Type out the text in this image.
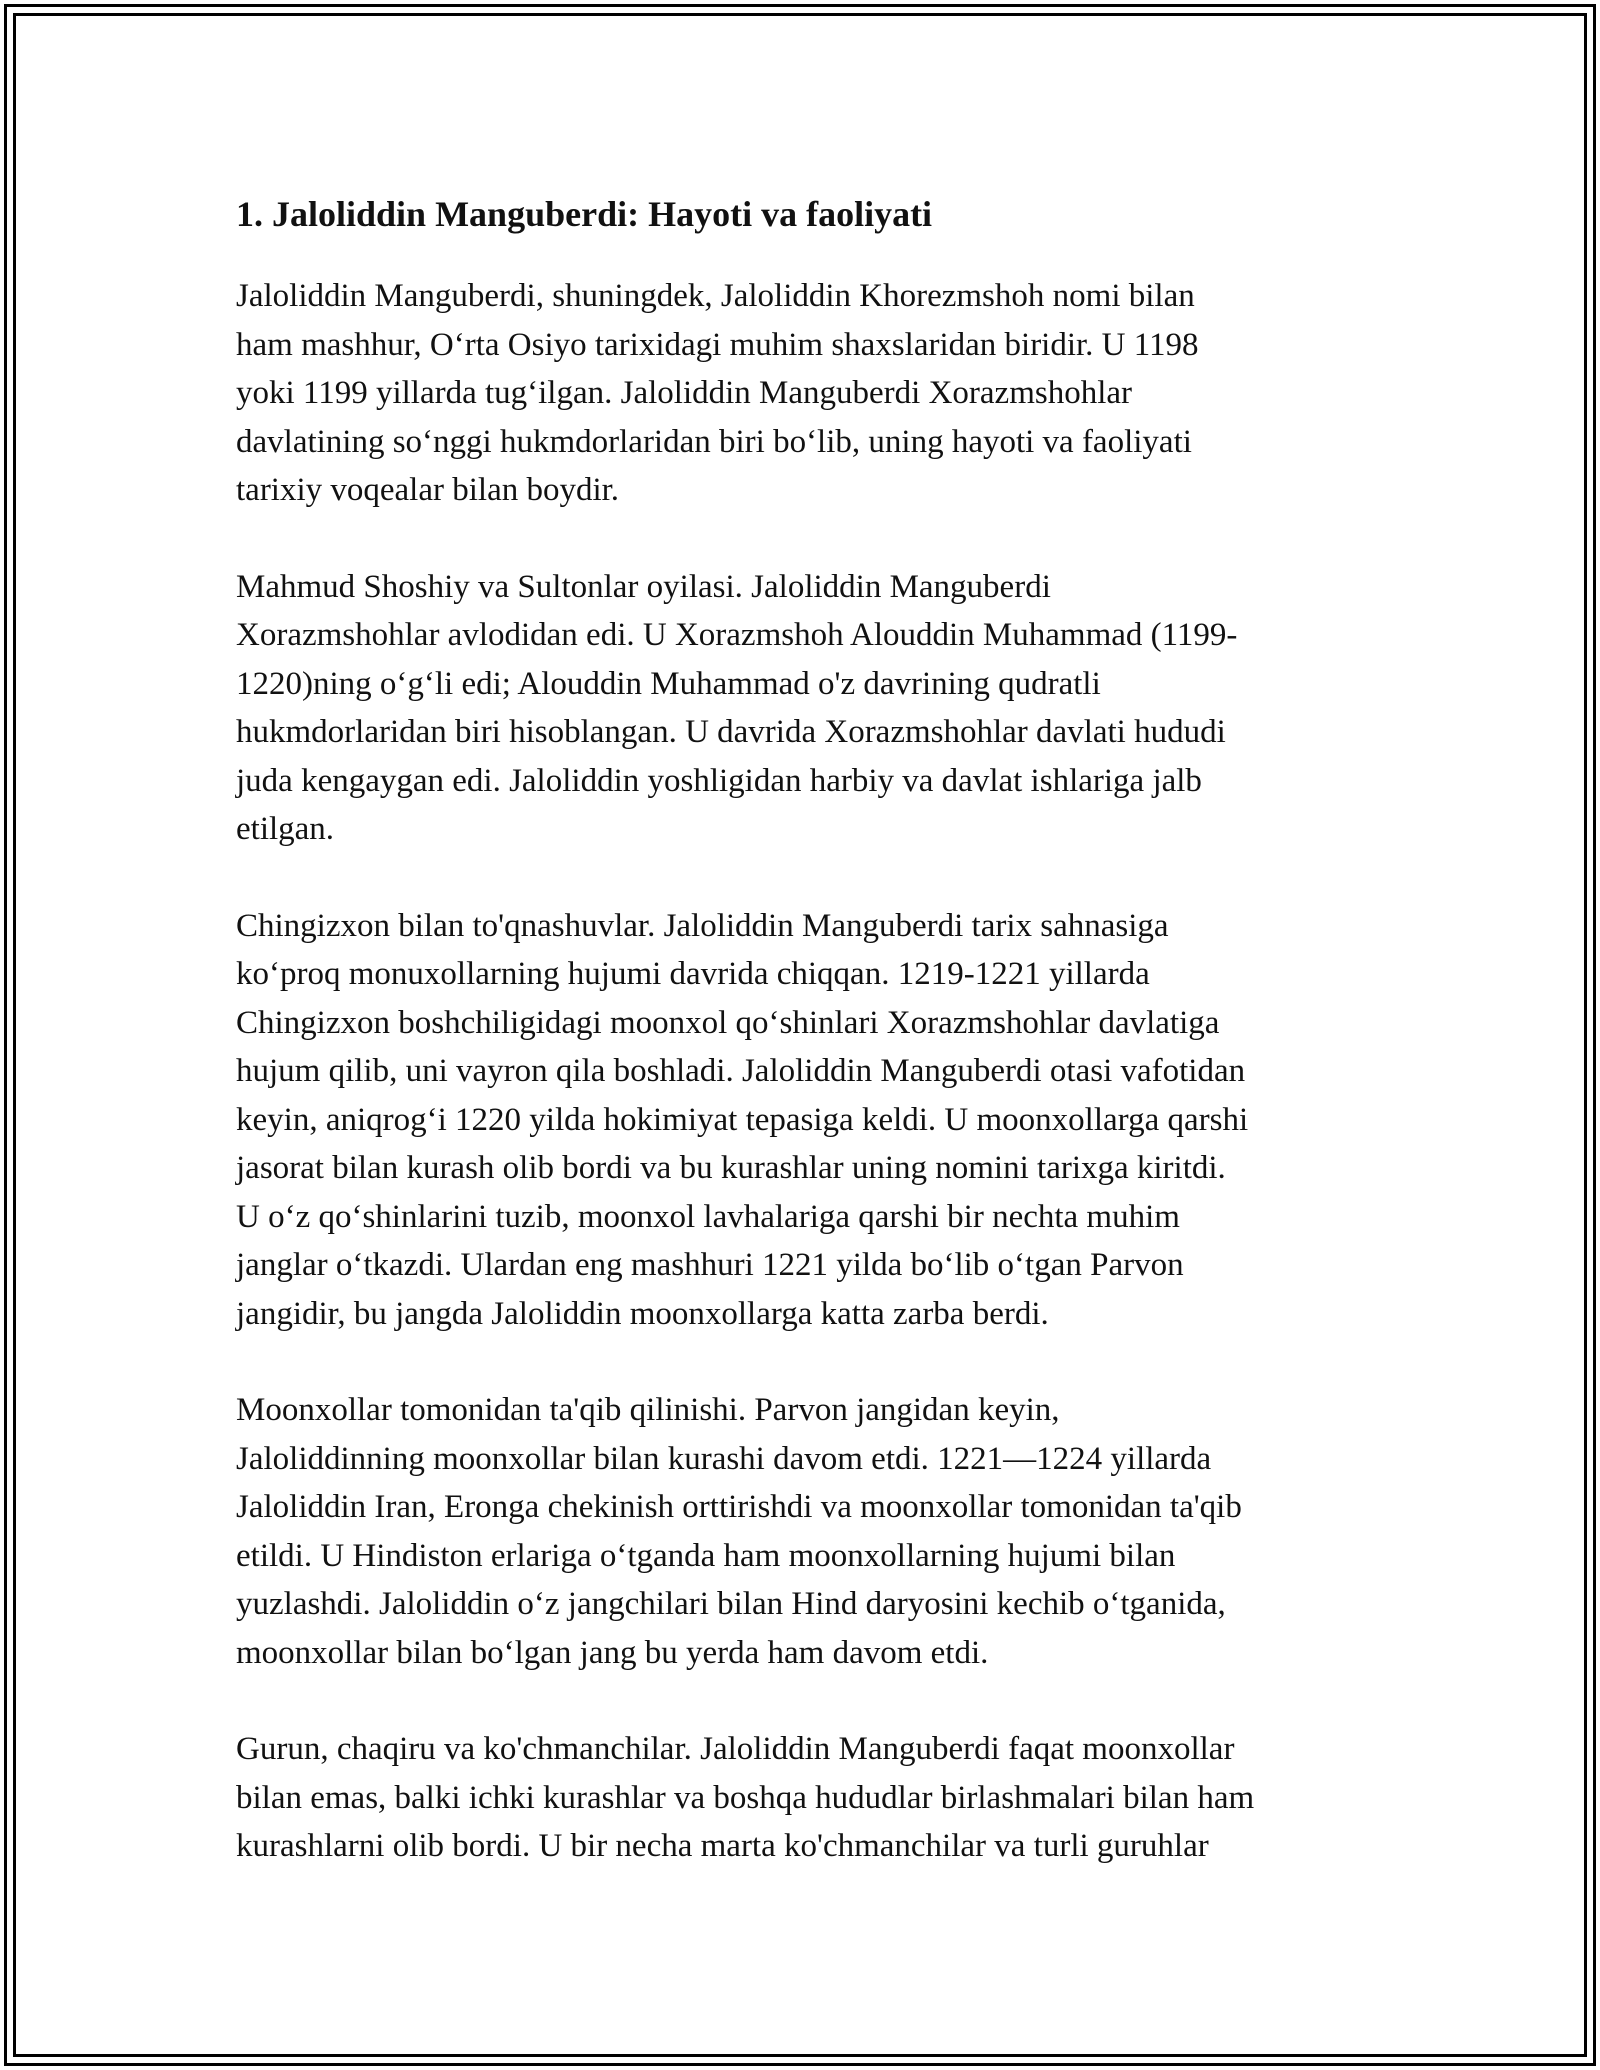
1. Jaloliddin Manguberdi: Hayoti va faoliyati

Jaloliddin Manguberdi, shuningdek, Jaloliddin Khorezmshoh nomi bilan
ham mashhur, O‘rta Osiyo tarixidagi muhim shaxslaridan biridir. U 1198
yoki 1199 yillarda tug‘ilgan. Jaloliddin Manguberdi Xorazmshohlar
davlatining so‘nggi hukmdorlaridan biri bo‘lib, uning hayoti va faoliyati
tarixiy voqealar bilan boydir.

Mahmud Shoshiy va Sultonlar oyilasi. Jaloliddin Manguberdi
Xorazmshohlar avlodidan edi. U Xorazmshoh Alouddin Muhammad (1199-
1220)ning o‘g‘li edi; Alouddin Muhammad o'z davrining qudratli
hukmdorlaridan biri hisoblangan. U davrida Xorazmshohlar davlati hududi
juda kengaygan edi. Jaloliddin yoshligidan harbiy va davlat ishlariga jalb
etilgan.

Chingizxon bilan to'qnashuvlar. Jaloliddin Manguberdi tarix sahnasiga
ko‘proq monuxollarning hujumi davrida chiqqan. 1219-1221 yillarda
Chingizxon boshchiligidagi moonxol qo‘shinlari Xorazmshohlar davlatiga
hujum qilib, uni vayron qila boshladi. Jaloliddin Manguberdi otasi vafotidan
keyin, aniqrog‘i 1220 yilda hokimiyat tepasiga keldi. U moonxollarga qarshi
jasorat bilan kurash olib bordi va bu kurashlar uning nomini tarixga kiritdi.
U o‘z qo‘shinlarini tuzib, moonxol lavhalariga qarshi bir nechta muhim
janglar o‘tkazdi. Ulardan eng mashhuri 1221 yilda bo‘lib o‘tgan Parvon
jangidir, bu jangda Jaloliddin moonxollarga katta zarba berdi.

Moonxollar tomonidan ta'qib qilinishi. Parvon jangidan keyin,
Jaloliddinning moonxollar bilan kurashi davom etdi. 1221—1224 yillarda
Jaloliddin Iran, Eronga chekinish orttirishdi va moonxollar tomonidan ta'qib
etildi. U Hindiston erlariga o‘tganda ham moonxollarning hujumi bilan
yuzlashdi. Jaloliddin o‘z jangchilari bilan Hind daryosini kechib o‘tganida,
moonxollar bilan bo‘lgan jang bu yerda ham davom etdi.

Gurun, chaqiru va ko'chmanchilar. Jaloliddin Manguberdi faqat moonxollar
bilan emas, balki ichki kurashlar va boshqa hududlar birlashmalari bilan ham
kurashlarni olib bordi. U bir necha marta ko'chmanchilar va turli guruhlar
